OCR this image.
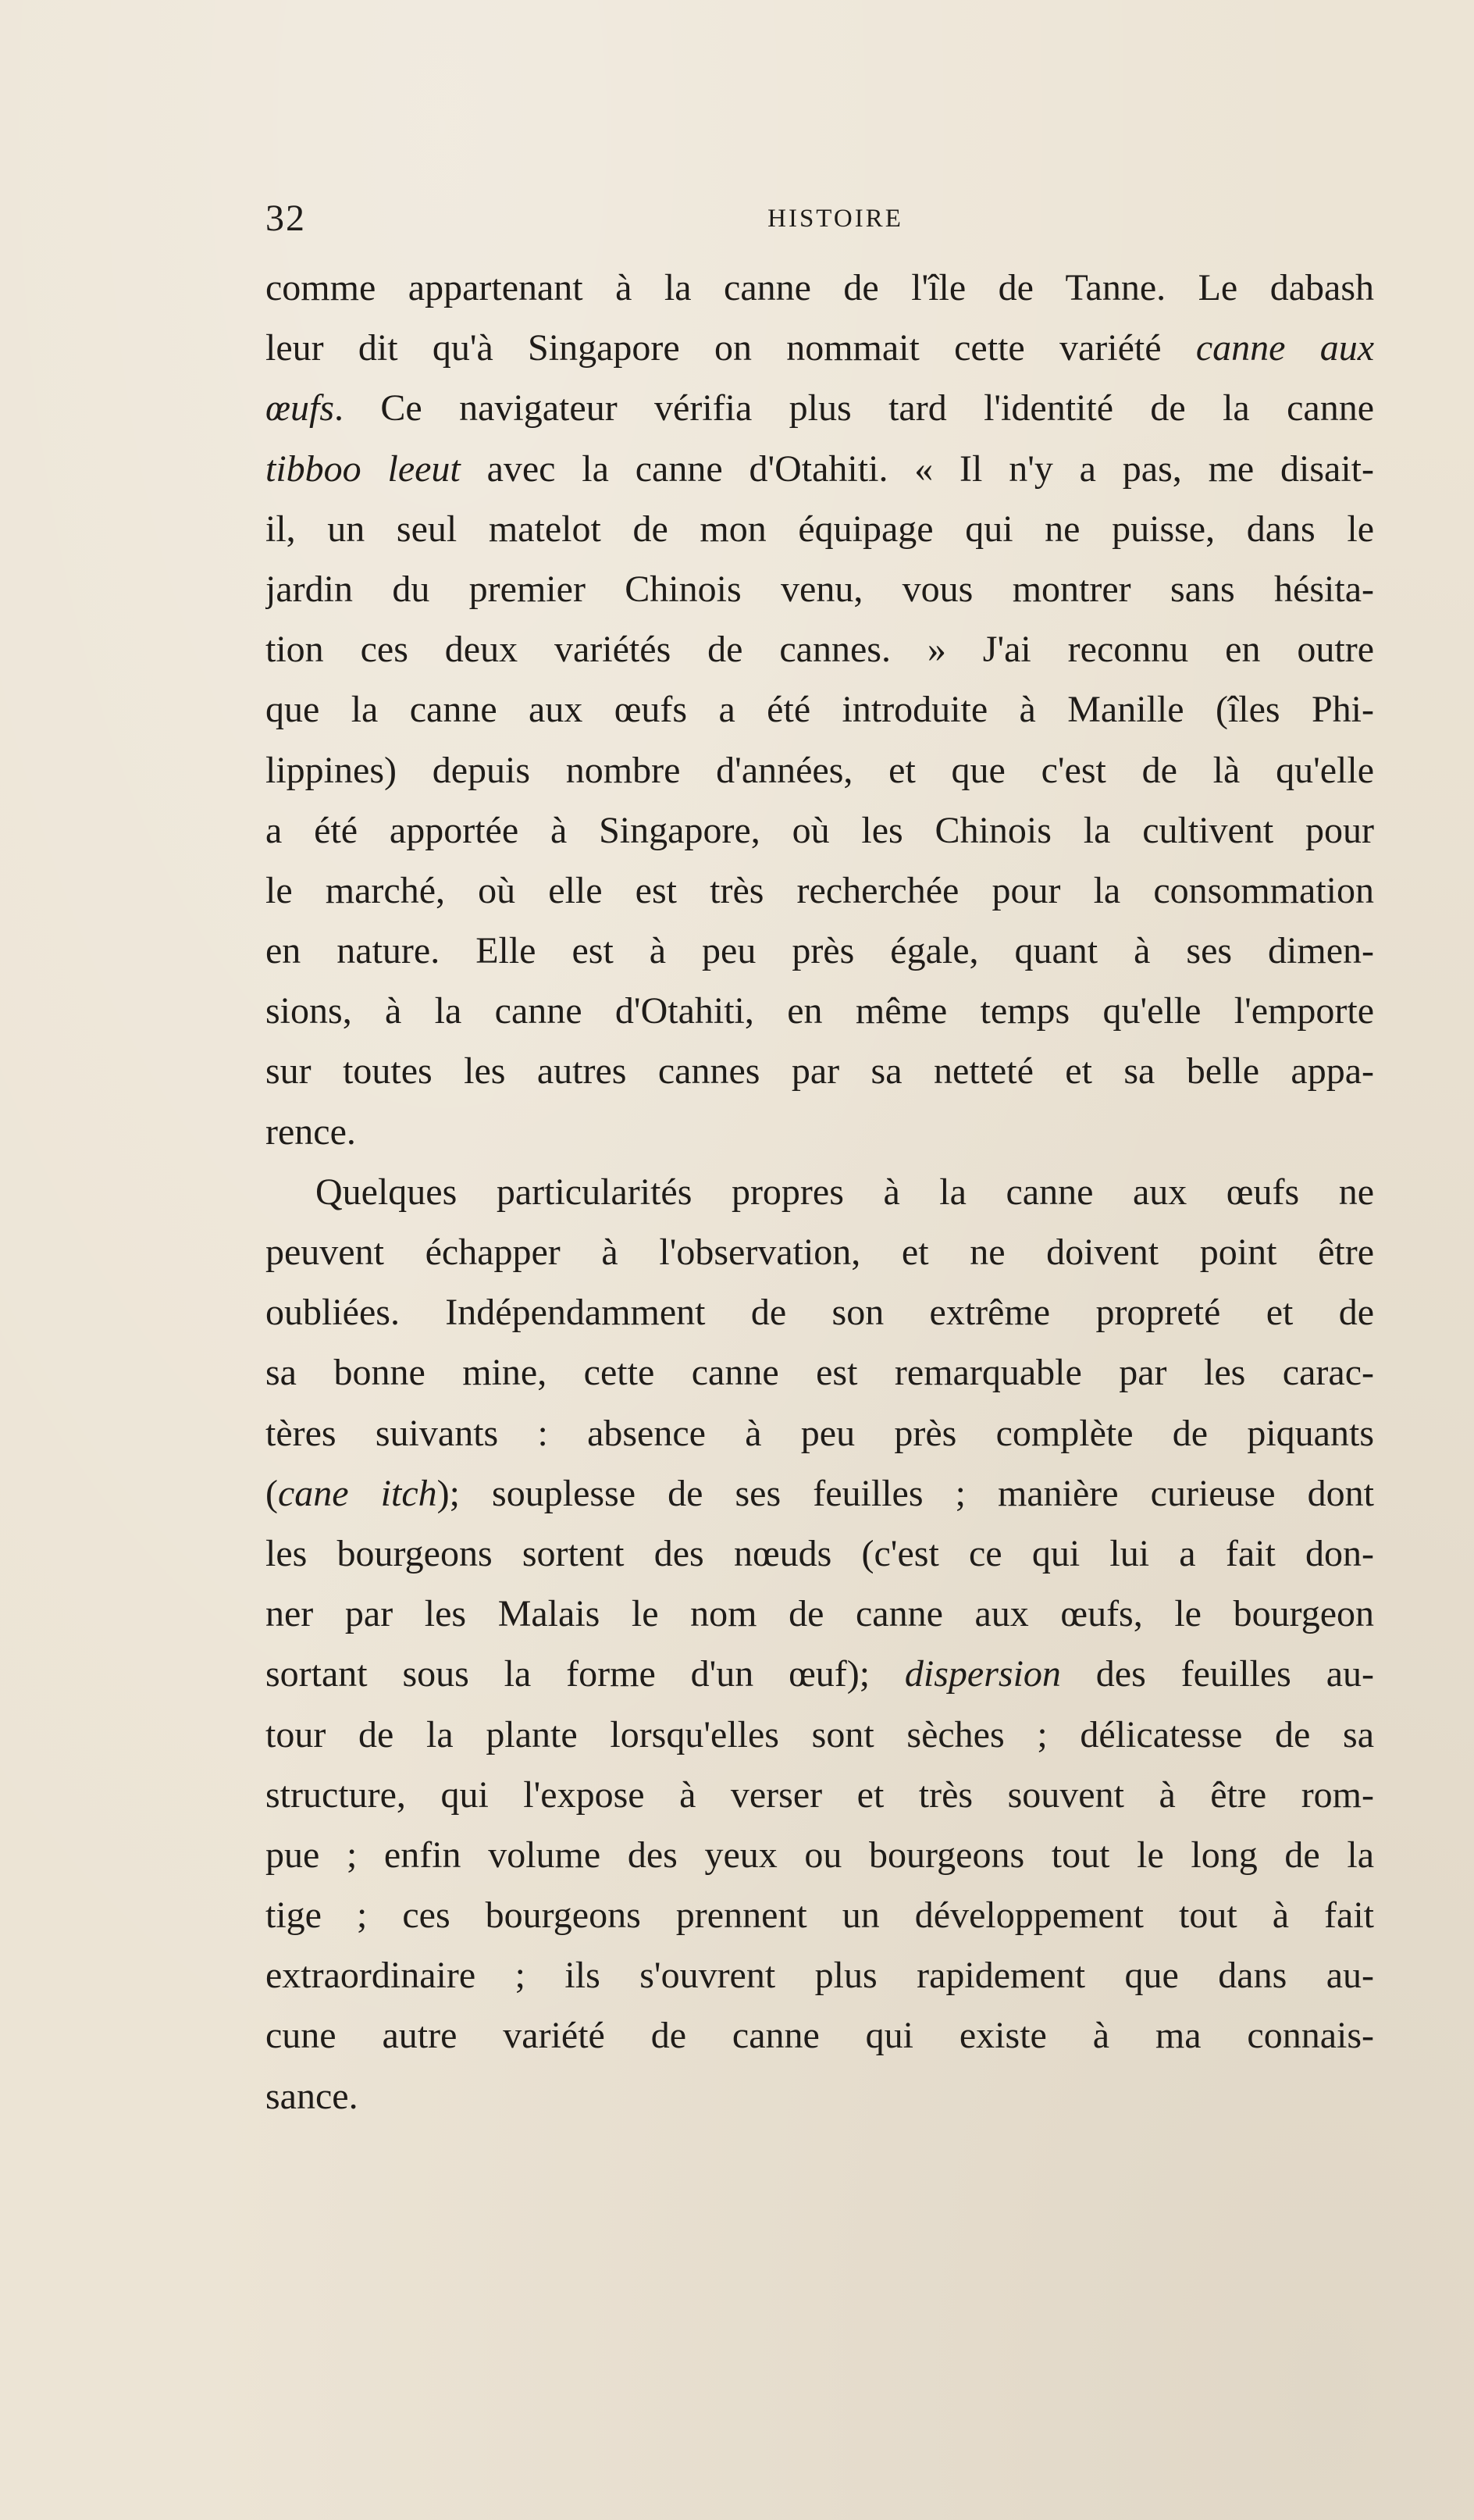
32	HISTOIRE
comme appartenant à la canne de l'île de Tanne. Le dabash
leur dit qu'à Singapore on nommait cette variété canne aux
œufs. Ce navigateur vérifia plus tard l'identité de la canne
tibboo leeut avec la canne d'Otahiti. « Il n'y a pas, me disait-
il, un seul matelot de mon équipage qui ne puisse, dans le
jardin du premier Chinois venu, vous montrer sans hésita-
tion ces deux variétés de cannes. » J'ai reconnu en outre
que la canne aux œufs a été introduite à Manille (îles Phi-
lippines) depuis nombre d'années, et que c'est de là qu'elle
a été apportée à Singapore, où les Chinois la cultivent pour
le marché, où elle est très recherchée pour la consommation
en nature. Elle est à peu près égale, quant à ses dimen-
sions, à la canne d'Otahiti, en même temps qu'elle l'emporte
sur toutes les autres cannes par sa netteté et sa belle appa-
rence.
Quelques particularités propres à la canne aux œufs ne
peuvent échapper à l'observation, et ne doivent point être
oubliées. Indépendamment de son extrême propreté et de
sa bonne mine, cette canne est remarquable par les carac-
tères suivants : absence à peu près complète de piquants
(cane itch); souplesse de ses feuilles ; manière curieuse dont
les bourgeons sortent des nœuds (c'est ce qui lui a fait don-
ner par les Malais le nom de canne aux œufs, le bourgeon
sortant sous la forme d'un œuf); dispersion des feuilles au-
tour de la plante lorsqu'elles sont sèches ; délicatesse de sa
structure, qui l'expose à verser et très souvent à être rom-
pue ; enfin volume des yeux ou bourgeons tout le long de la
tige ; ces bourgeons prennent un développement tout à fait
extraordinaire ; ils s'ouvrent plus rapidement que dans au-
cune autre variété de canne qui existe à ma connais-
sance.
